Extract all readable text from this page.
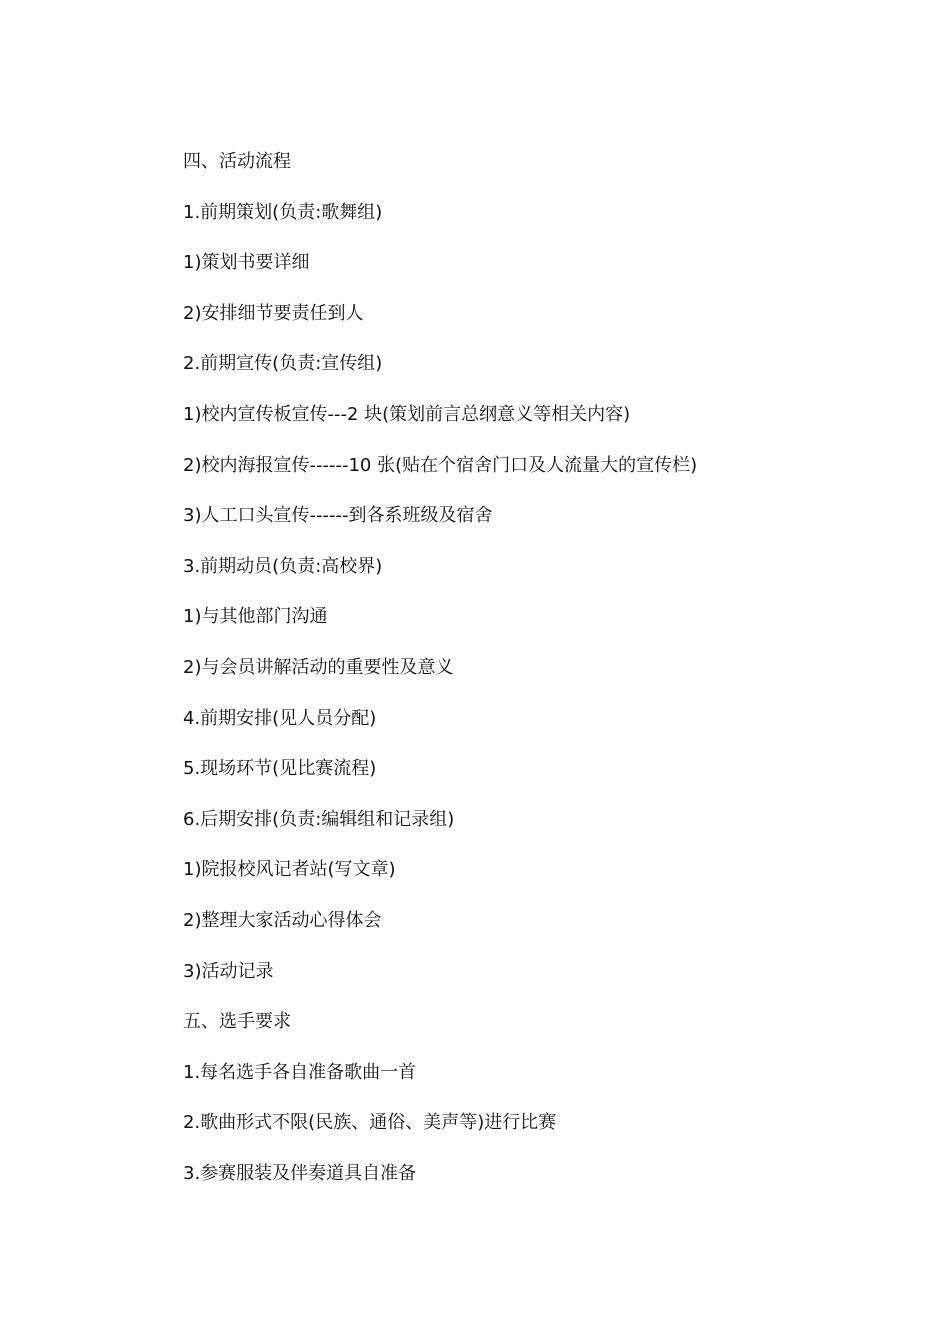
四、活动流程
1.前期策划(负责:歌舞组)
1)策划书要详细
2)安排细节要责任到人
2.前期宣传(负责:宣传组)
1)校内宣传板宣传---2 块(策划前言总纲意义等相关内容)
2)校内海报宣传------10 张(贴在个宿舍门口及人流量大的宣传栏)
3)人工口头宣传------到各系班级及宿舍
3.前期动员(负责:高校界)
1)与其他部门沟通
2)与会员讲解活动的重要性及意义
4.前期安排(见人员分配)
5.现场环节(见比赛流程)
6.后期安排(负责:编辑组和记录组)
1)院报校风记者站(写文章)
2)整理大家活动心得体会
3)活动记录
五、选手要求
1.每名选手各自准备歌曲一首
2.歌曲形式不限(民族、通俗、美声等)进行比赛
3.参赛服装及伴奏道具自准备
